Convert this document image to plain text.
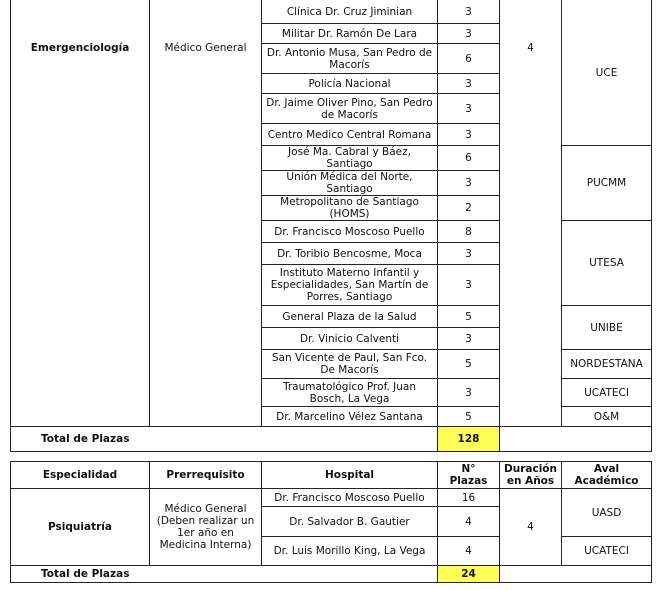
Emergenciología	Médico General	Clínica Dr. Cruz Jiminian	3	4	UCE
		Militar Dr. Ramón De Lara	3		
		Dr. Antonio Musa, San Pedro de Macorís	6		
		Policía Nacional	3		
		Dr. Jaime Oliver Pino, San Pedro de Macorís	3		
		Centro Medico Central Romana	3		
		José Ma. Cabral y Báez, Santiago	6		PUCMM
		Unión Médica del Norte, Santiago	3		
		Metropolitano de Santiago (HOMS)	2		
		Dr. Francisco Moscoso Puello	8		UTESA
		Dr. Toribio Bencosme, Moca	3		
		Instituto Materno Infantil y Especialidades, San Martín de Porres, Santiago	3		
		General Plaza de la Salud	5		UNIBE
		Dr. Vinicio Calventi	3		
		San Vicente de Paul, San Fco. De Macorís	5		NORDESTANA
		Traumatológico Prof. Juan Bosch, La Vega	3		UCATECI
		Dr. Marcelino Vélez Santana	5		O&M
Total de Plazas			128		
Especialidad	Prerrequisito	Hospital	N° Plazas	Duración en Años	Aval Académico
Psiquiatría	Médico General (Deben realizar un 1er año en Medicina Interna)	Dr. Francisco Moscoso Puello	16	4	UASD
		Dr. Salvador B. Gautier	4		
		Dr. Luis Morillo King, La Vega	4		UCATECI
Total de Plazas			24		
